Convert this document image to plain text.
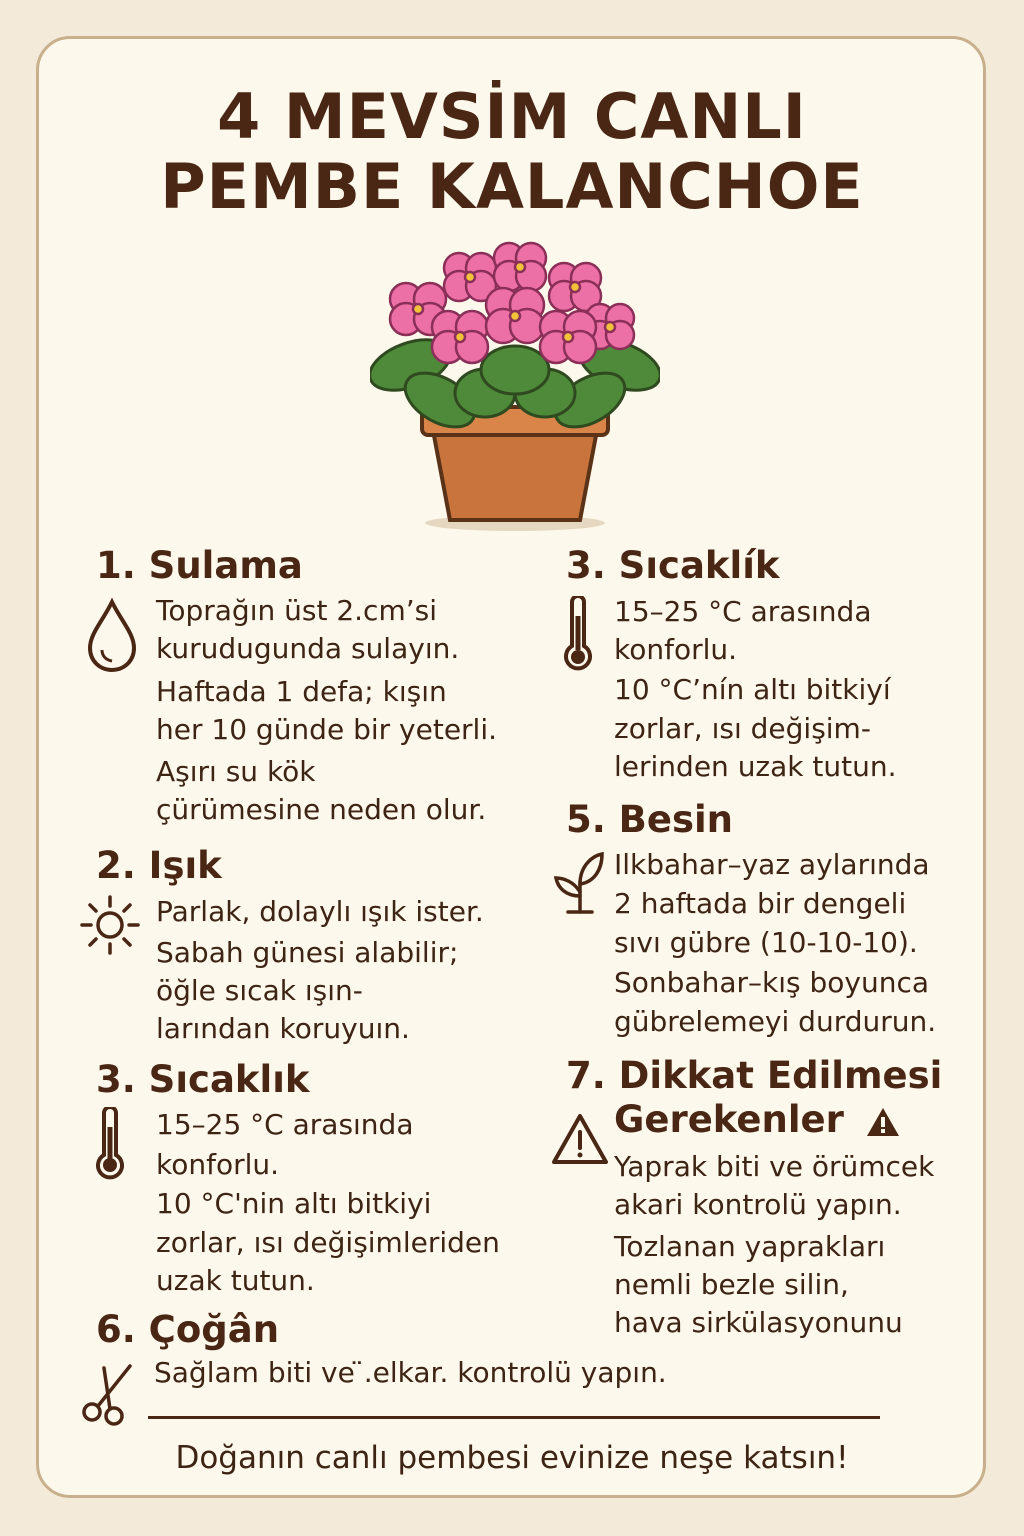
4 MEVSİM CANLI
PEMBE KALANCHOE
1. Sulama
Toprağın üst 2.cm’si
kurudugunda sulayın.
Haftada 1 defa; kışın
her 10 günde bir yeterli.
Aşırı su kök
çürümesine neden olur.
2. Işık
Parlak, dolaylı ışık ister.
Sabah günesi alabilir;
öğle sıcak ışın-
larından koruyuın.
3. Sıcaklık
15–25 °C arasında
konforlu.
10 °C'nin altı bitkiyi
zorlar, ısı değişimleriden
uzak tutun.
6. Çoğân
Sağlam biti ve ̈.elkar. kontrolü yapın.
3. Sıcaklík
15–25 °C arasında
konforlu.
10 °C’nín altı bitkiyí
zorlar, ısı değişim-
lerinden uzak tutun.
5. Besin
Ilkbahar–yaz aylarında
2 haftada bir dengeli
sıvı gübre (10-10-10).
Sonbahar–kış boyunca
gübrelemeyi durdurun.
7. Dikkat Edilmesi
Gerekenler
Yaprak biti ve örümcek
akari kontrolü yapın.
Tozlanan yaprakları
nemli bezle silin,
hava sirkülasyonunu
Doğanın canlı pembesi evinize neşe katsın!
